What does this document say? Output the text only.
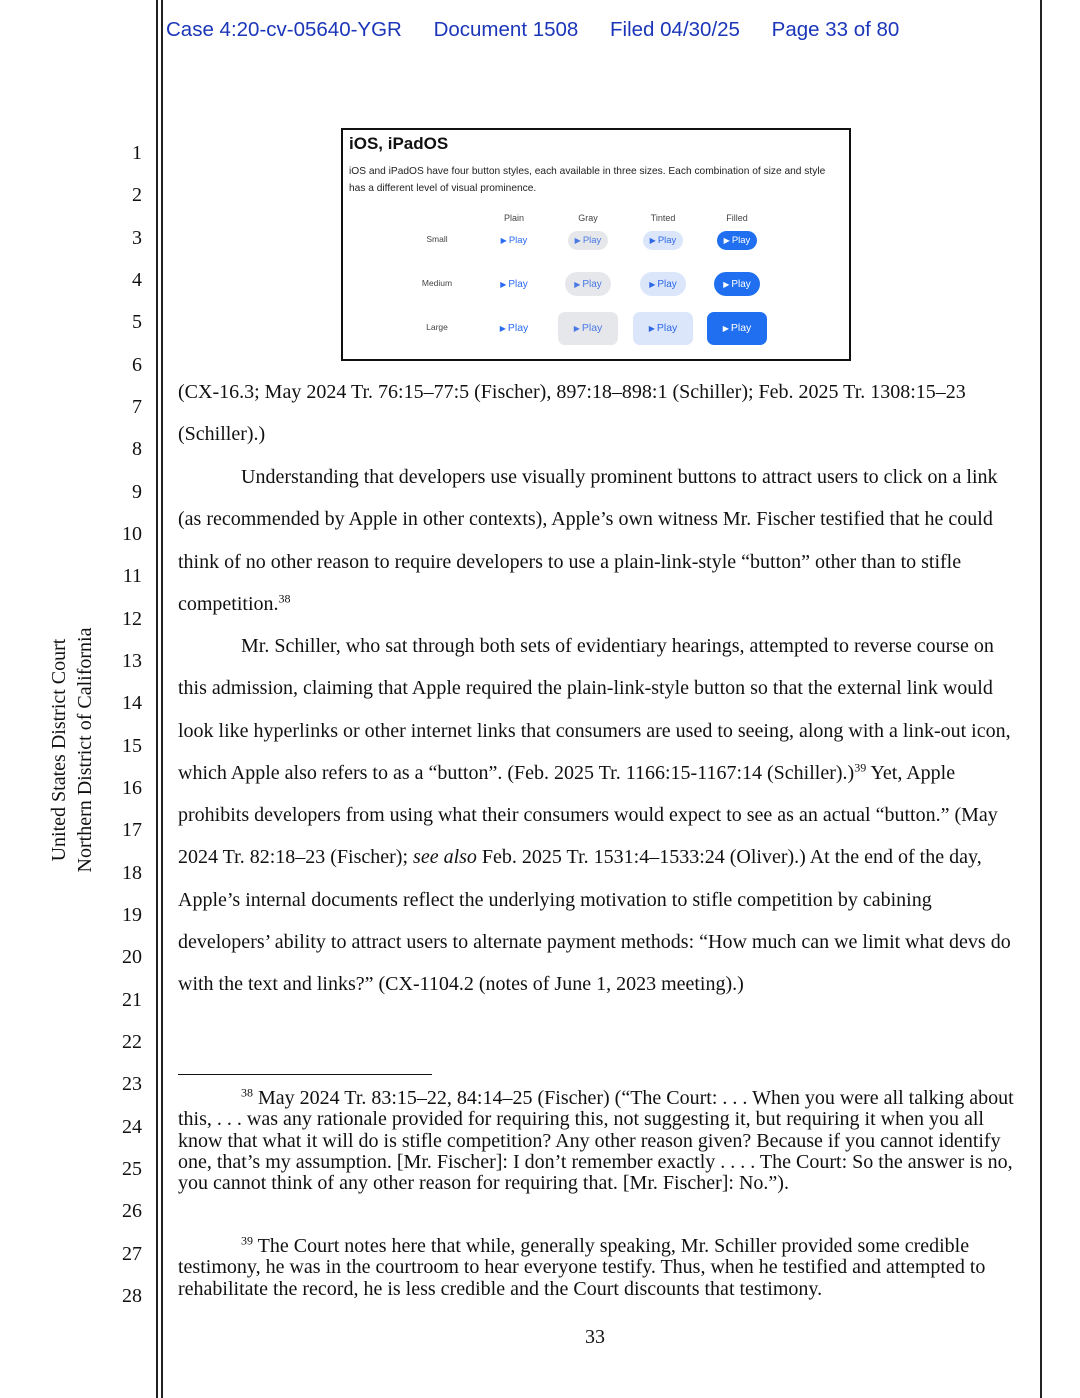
Case 4:20-cv-05640-YGR Document 1508 Filed 04/30/25 Page 33 of 80
United States District Court Northern District of California
1
2
3
4
5
6
7
8
9
10
11
12
13
14
15
16
17
18
19
20
21
22
23
24
25
26
27
28
iOS, iPadOS
iOS and iPadOS have four button styles, each available in three sizes. Each combination of size and style has a different level of visual prominence.
Plain	Gray	Tinted	Filled
Small	▶ Play	▶ Play	▶ Play	▶ Play
Medium	▶ Play	▶ Play	▶ Play	▶ Play
Large	▶ Play	▶ Play	▶ Play	▶ Play
(CX-16.3; May 2024 Tr. 76:15–77:5 (Fischer), 897:18–898:1 (Schiller); Feb. 2025 Tr. 1308:15–23 (Schiller).)
Understanding that developers use visually prominent buttons to attract users to click on a link (as recommended by Apple in other contexts), Apple’s own witness Mr. Fischer testified that he could think of no other reason to require developers to use a plain-link-style “button” other than to stifle competition.$^{38}$
Mr. Schiller, who sat through both sets of evidentiary hearings, attempted to reverse course on this admission, claiming that Apple required the plain-link-style button so that the external link would look like hyperlinks or other internet links that consumers are used to seeing, along with a link-out icon, which Apple also refers to as a “button”. (Feb. 2025 Tr. 1166:15-1167:14 (Schiller).)$^{39}$ Yet, Apple prohibits developers from using what their consumers would expect to see as an actual “button.” (May 2024 Tr. 82:18–23 (Fischer); see also Feb. 2025 Tr. 1531:4–1533:24 (Oliver).) At the end of the day, Apple’s internal documents reflect the underlying motivation to stifle competition by cabining developers’ ability to attract users to alternate payment methods: “How much can we limit what devs do with the text and links?” (CX-1104.2 (notes of June 1, 2023 meeting).)
$^{38}$ May 2024 Tr. 83:15–22, 84:14–25 (Fischer) (“The Court: . . . When you were all talking about this, . . . was any rationale provided for requiring this, not suggesting it, but requiring it when you all know that what it will do is stifle competition? Any other reason given? Because if you cannot identify one, that’s my assumption. [Mr. Fischer]: I don’t remember exactly . . . . The Court: So the answer is no, you cannot think of any other reason for requiring that. [Mr. Fischer]: No.”).
$^{39}$ The Court notes here that while, generally speaking, Mr. Schiller provided some credible testimony, he was in the courtroom to hear everyone testify. Thus, when he testified and attempted to rehabilitate the record, he is less credible and the Court discounts that testimony.
33
